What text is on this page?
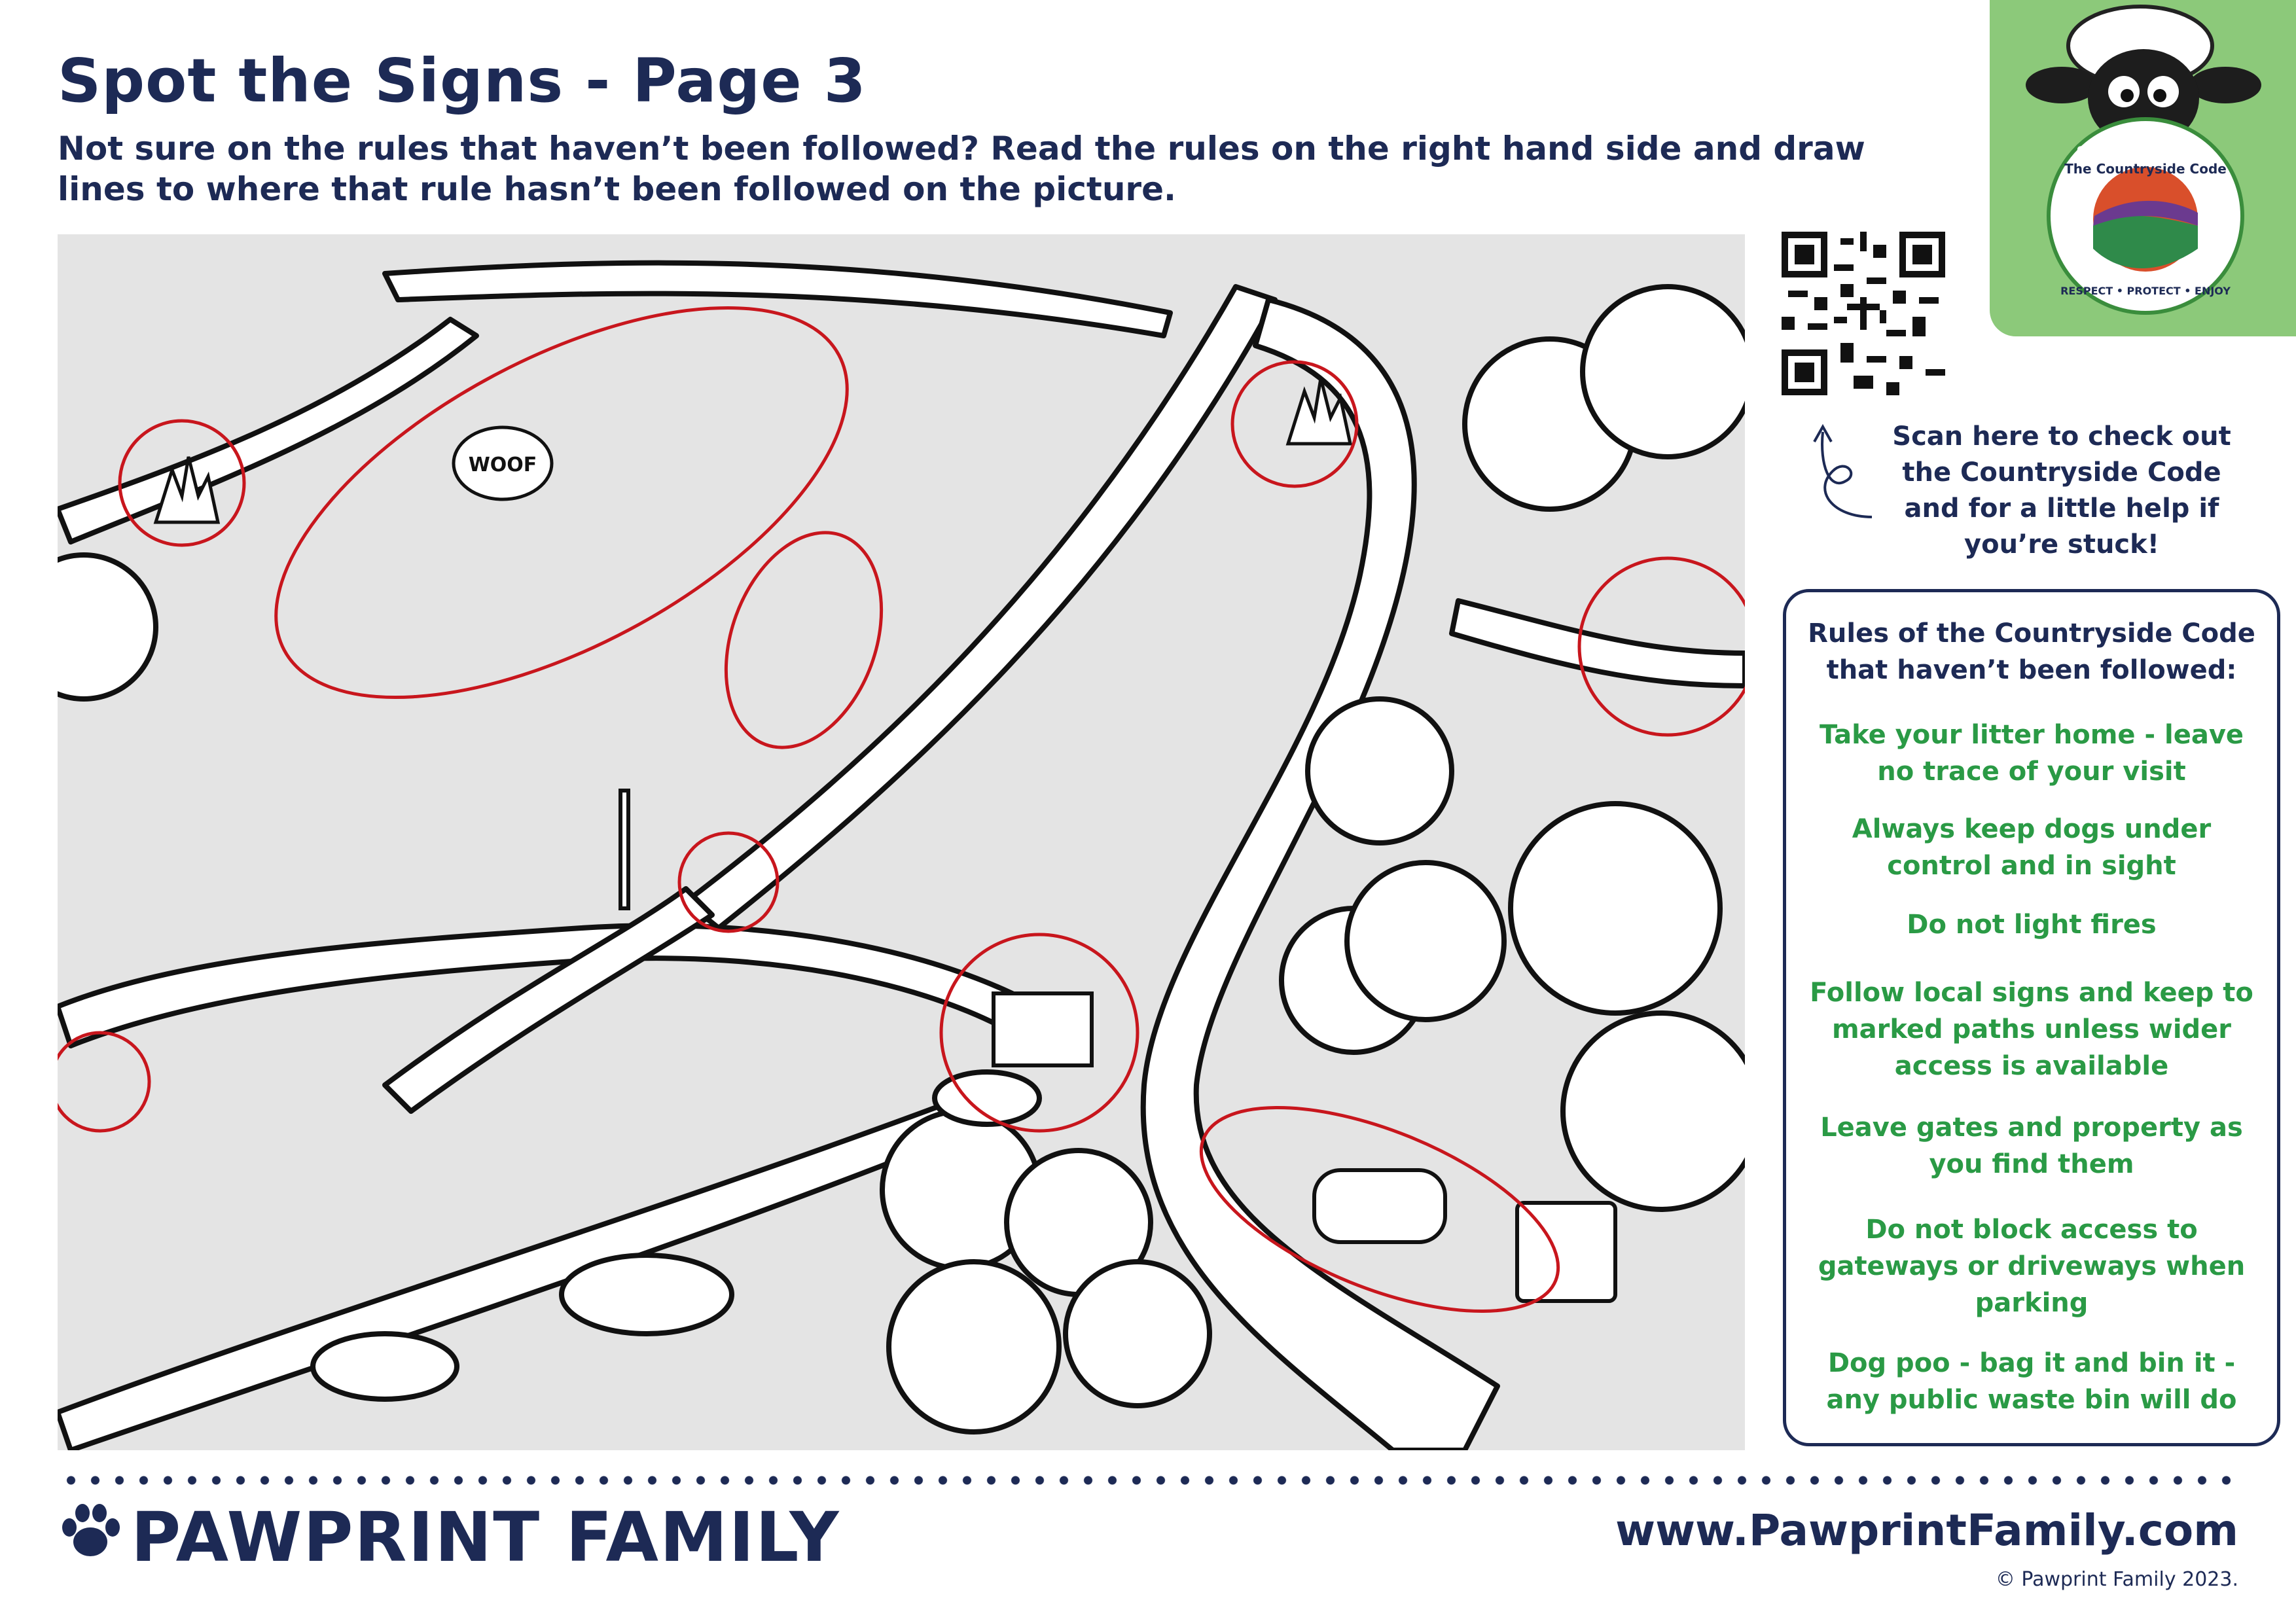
Spot the Signs - Page 3

Not sure on the rules that haven’t been followed? Read the rules on the right hand side and draw lines to where that rule hasn’t been followed on the picture.

WOOF
Shaun the Sheep
The Countryside Code
RESPECT • PROTECT • ENJOY

Scan here to check out the Countryside Code and for a little help if you’re stuck!

Rules of the Countryside Code that haven’t been followed:

Take your litter home - leave no trace of your visit

Always keep dogs under control and in sight

Do not light fires

Follow local signs and keep to marked paths unless wider access is available

Leave gates and property as you find them

Do not block access to gateways or driveways when parking

Dog poo - bag it and bin it - any public waste bin will do

PAWPRINT FAMILY	www.PawprintFamily.com

© Pawprint Family 2023.
